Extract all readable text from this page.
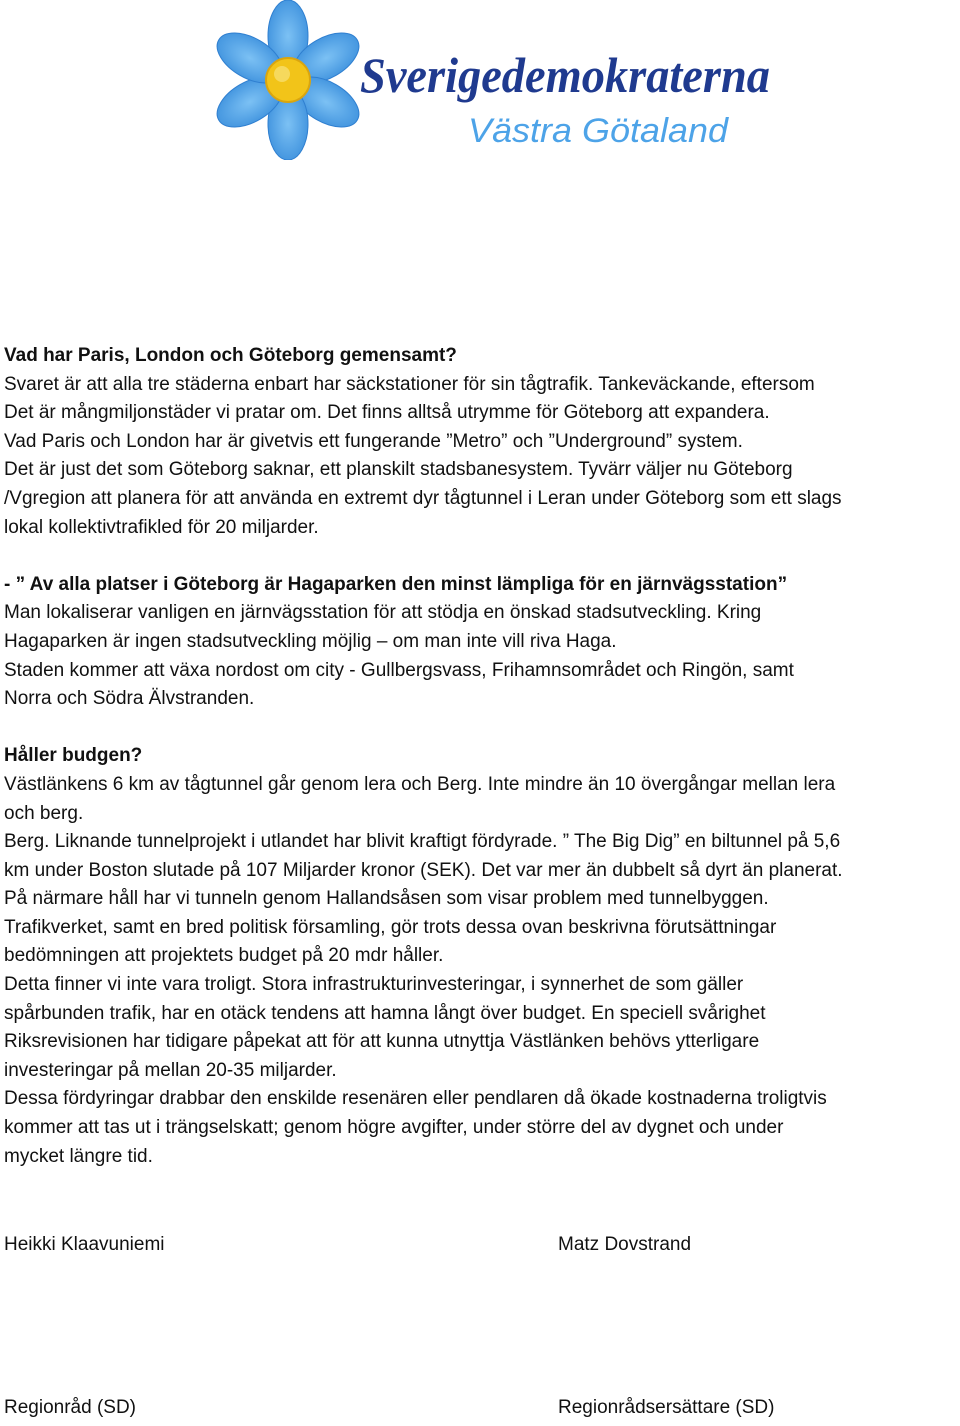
Sverigedemokraterna
Västra Götaland
Vad har Paris, London och Göteborg gemensamt?
Svaret är att alla tre städerna enbart har säckstationer för sin tågtrafik. Tankeväckande, eftersom
Det är mångmiljonstäder vi pratar om. Det finns alltså utrymme för Göteborg att expandera.
Vad Paris och London har är givetvis ett fungerande ”Metro” och ”Underground” system.
Det är just det som Göteborg saknar, ett planskilt stadsbanesystem. Tyvärr väljer nu Göteborg
/Vgregion att planera för att använda en extremt dyr tågtunnel i Leran under Göteborg som ett slags
lokal kollektivtrafikled för 20 miljarder.
- ” Av alla platser i Göteborg är Hagaparken den minst lämpliga för en järnvägsstation”
Man lokaliserar vanligen en järnvägsstation för att stödja en önskad stadsutveckling. Kring
Hagaparken är ingen stadsutveckling möjlig – om man inte vill riva Haga.
Staden kommer att växa nordost om city - Gullbergsvass, Frihamnsområdet och Ringön, samt
Norra och Södra Älvstranden.
Håller budgen?
Västlänkens 6 km av tågtunnel går genom lera och Berg. Inte mindre än 10 övergångar mellan lera
och berg.
Berg. Liknande tunnelprojekt i utlandet har blivit kraftigt fördyrade. ” The Big Dig” en biltunnel på 5,6
km under Boston slutade på 107 Miljarder kronor (SEK). Det var mer än dubbelt så dyrt än planerat.
På närmare håll har vi tunneln genom Hallandsåsen som visar problem med tunnelbyggen.
Trafikverket, samt en bred politisk församling, gör trots dessa ovan beskrivna förutsättningar
bedömningen att projektets budget på 20 mdr håller.
Detta finner vi inte vara troligt. Stora infrastrukturinvesteringar, i synnerhet de som gäller
spårbunden trafik, har en otäck tendens att hamna långt över budget. En speciell svårighet
Riksrevisionen har tidigare påpekat att för att kunna utnyttja Västlänken behövs ytterligare
investeringar på mellan 20-35 miljarder.
Dessa fördyringar drabbar den enskilde resenären eller pendlaren då ökade kostnaderna troligtvis
kommer att tas ut i trängselskatt; genom högre avgifter, under större del av dygnet och under
mycket längre tid.
Heikki Klaavuniemi	Matz Dovstrand
Regionråd (SD)	Regionrådsersättare (SD)
